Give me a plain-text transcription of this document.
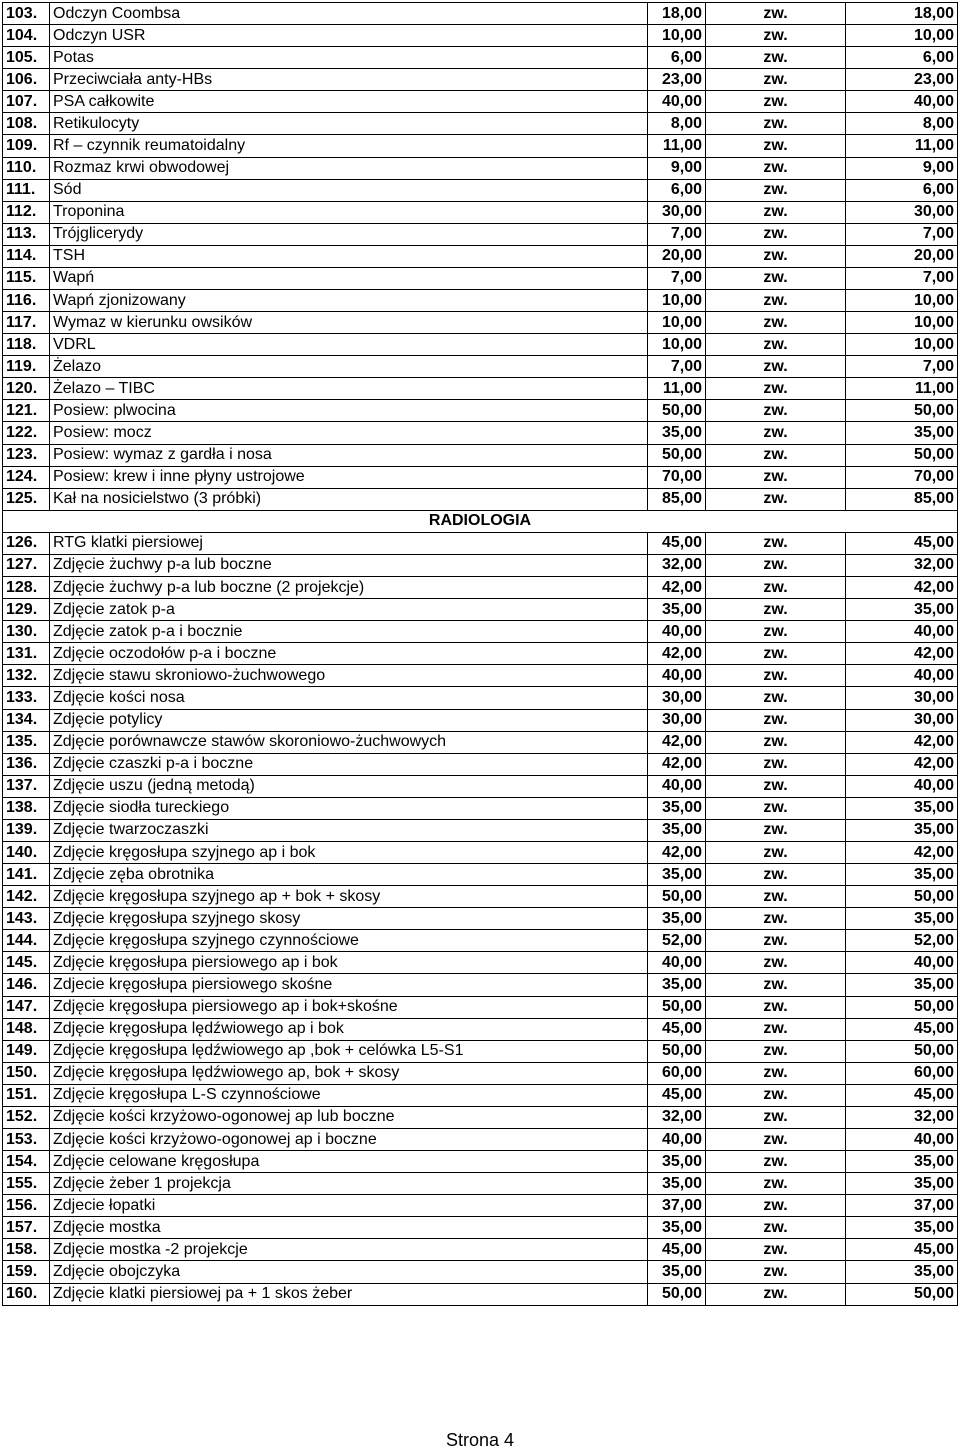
103.	Odczyn Coombsa	18,00	zw.	18,00
104.	Odczyn USR	10,00	zw.	10,00
105.	Potas	6,00	zw.	6,00
106.	Przeciwciała anty-HBs	23,00	zw.	23,00
107.	PSA całkowite	40,00	zw.	40,00
108.	Retikulocyty	8,00	zw.	8,00
109.	Rf – czynnik reumatoidalny	11,00	zw.	11,00
110.	Rozmaz krwi obwodowej	9,00	zw.	9,00
111.	Sód	6,00	zw.	6,00
112.	Troponina	30,00	zw.	30,00
113.	Trójglicerydy	7,00	zw.	7,00
114.	TSH	20,00	zw.	20,00
115.	Wapń	7,00	zw.	7,00
116.	Wapń zjonizowany	10,00	zw.	10,00
117.	Wymaz w kierunku owsików	10,00	zw.	10,00
118.	VDRL	10,00	zw.	10,00
119.	Żelazo	7,00	zw.	7,00
120.	Żelazo – TIBC	11,00	zw.	11,00
121.	Posiew: plwocina	50,00	zw.	50,00
122.	Posiew: mocz	35,00	zw.	35,00
123.	Posiew: wymaz z gardła i nosa	50,00	zw.	50,00
124.	Posiew: krew i inne płyny ustrojowe	70,00	zw.	70,00
125.	Kał na nosicielstwo (3 próbki)	85,00	zw.	85,00
RADIOLOGIA				
126.	RTG klatki piersiowej	45,00	zw.	45,00
127.	Zdjęcie żuchwy p-a lub boczne	32,00	zw.	32,00
128.	Zdjęcie żuchwy p-a lub boczne (2 projekcje)	42,00	zw.	42,00
129.	Zdjęcie zatok p-a	35,00	zw.	35,00
130.	Zdjęcie zatok p-a i bocznie	40,00	zw.	40,00
131.	Zdjęcie oczodołów p-a i boczne	42,00	zw.	42,00
132.	Zdjęcie stawu skroniowo-żuchwowego	40,00	zw.	40,00
133.	Zdjęcie kości nosa	30,00	zw.	30,00
134.	Zdjęcie potylicy	30,00	zw.	30,00
135.	Zdjęcie porównawcze stawów skoroniowo-żuchwowych	42,00	zw.	42,00
136.	Zdjęcie czaszki p-a i boczne	42,00	zw.	42,00
137.	Zdjęcie uszu (jedną metodą)	40,00	zw.	40,00
138.	Zdjęcie siodła tureckiego	35,00	zw.	35,00
139.	Zdjęcie twarzoczaszki	35,00	zw.	35,00
140.	Zdjęcie kręgosłupa szyjnego ap i bok	42,00	zw.	42,00
141.	Zdjęcie zęba obrotnika	35,00	zw.	35,00
142.	Zdjęcie kręgosłupa szyjnego ap + bok + skosy	50,00	zw.	50,00
143.	Zdjęcie kręgosłupa szyjnego skosy	35,00	zw.	35,00
144.	Zdjęcie kręgosłupa szyjnego czynnościowe	52,00	zw.	52,00
145.	Zdjęcie kręgosłupa piersiowego ap i bok	40,00	zw.	40,00
146.	Zdjecie kręgosłupa piersiowego skośne	35,00	zw.	35,00
147.	Zdjęcie kręgosłupa piersiowego ap i bok+skośne	50,00	zw.	50,00
148.	Zdjęcie kręgosłupa lędźwiowego ap i bok	45,00	zw.	45,00
149.	Zdjęcie kręgosłupa lędźwiowego ap ,bok + celówka L5-S1	50,00	zw.	50,00
150.	Zdjęcie kręgosłupa lędźwiowego ap, bok + skosy	60,00	zw.	60,00
151.	Zdjęcie kręgosłupa L-S czynnościowe	45,00	zw.	45,00
152.	Zdjęcie kości krzyżowo-ogonowej ap lub boczne	32,00	zw.	32,00
153.	Zdjęcie kości krzyżowo-ogonowej ap i boczne	40,00	zw.	40,00
154.	Zdjęcie celowane kręgosłupa	35,00	zw.	35,00
155.	Zdjęcie żeber 1 projekcja	35,00	zw.	35,00
156.	Zdjecie łopatki	37,00	zw.	37,00
157.	Zdjęcie mostka	35,00	zw.	35,00
158.	Zdjęcie mostka -2 projekcje	45,00	zw.	45,00
159.	Zdjęcie obojczyka	35,00	zw.	35,00
160.	Zdjęcie klatki piersiowej pa + 1 skos żeber	50,00	zw.	50,00
Strona 4
